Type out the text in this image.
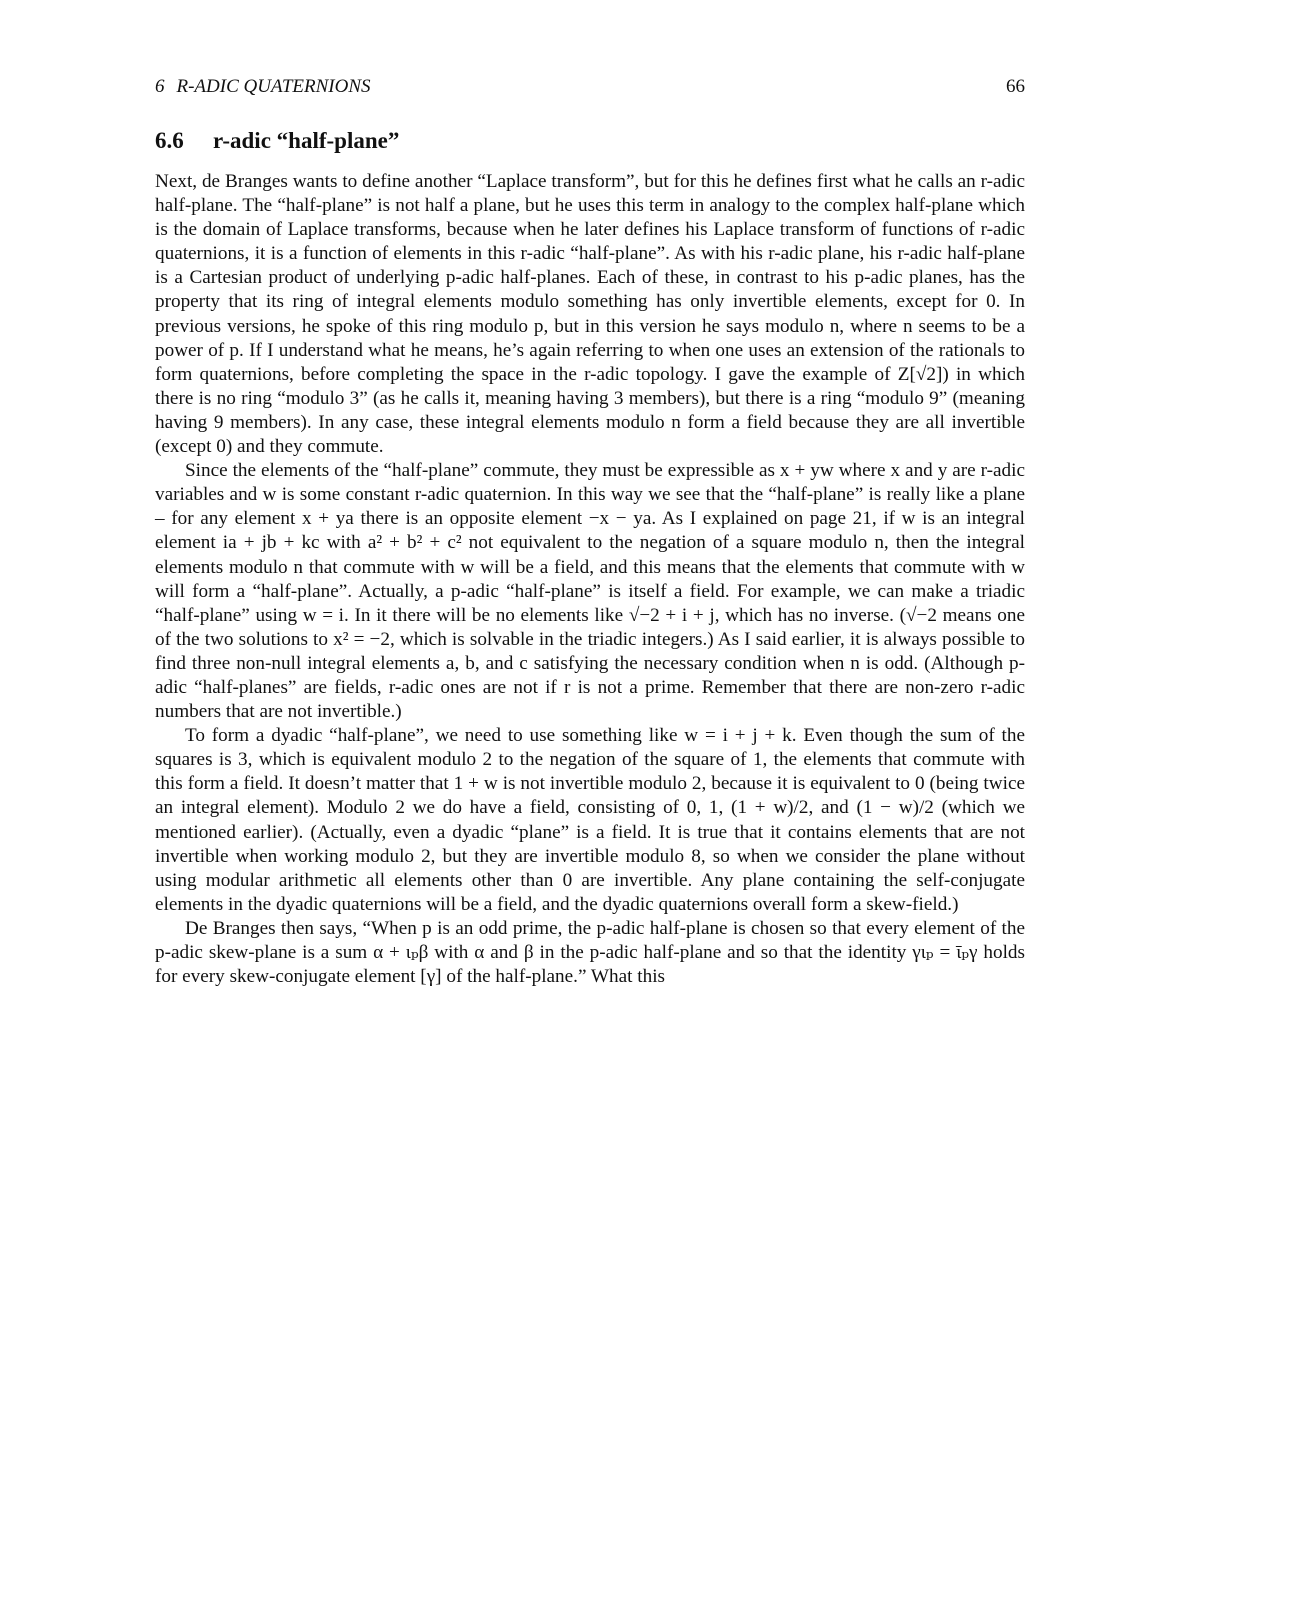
6 R-ADIC QUATERNIONS	66
6.6 r-adic “half-plane”

Next, de Branges wants to define another “Laplace transform”, but for this he defines first what he calls an r-adic half-plane. The “half-plane” is not half a plane, but he uses this term in analogy to the complex half-plane which is the domain of Laplace transforms, because when he later defines his Laplace transform of functions of r-adic quaternions, it is a function of elements in this r-adic “half-plane”. As with his r-adic plane, his r-adic half-plane is a Cartesian product of underlying p-adic half-planes. Each of these, in contrast to his p-adic planes, has the property that its ring of integral elements modulo something has only invertible elements, except for 0. In previous versions, he spoke of this ring modulo p, but in this version he says modulo n, where n seems to be a power of p. If I understand what he means, he’s again referring to when one uses an extension of the rationals to form quaternions, before completing the space in the r-adic topology. I gave the example of Z[√2]) in which there is no ring “modulo 3” (as he calls it, meaning having 3 members), but there is a ring “modulo 9” (meaning having 9 members). In any case, these integral elements modulo n form a field because they are all invertible (except 0) and they commute.

Since the elements of the “half-plane” commute, they must be expressible as x + yw where x and y are r-adic variables and w is some constant r-adic quaternion. In this way we see that the “half-plane” is really like a plane – for any element x + ya there is an opposite element −x − ya. As I explained on page 21, if w is an integral element ia + jb + kc with a² + b² + c² not equivalent to the negation of a square modulo n, then the integral elements modulo n that commute with w will be a field, and this means that the elements that commute with w will form a “half-plane”. Actually, a p-adic “half-plane” is itself a field. For example, we can make a triadic “half-plane” using w = i. In it there will be no elements like √−2 + i + j, which has no inverse. (√−2 means one of the two solutions to x² = −2, which is solvable in the triadic integers.) As I said earlier, it is always possible to find three non-null integral elements a, b, and c satisfying the necessary condition when n is odd. (Although p-adic “half-planes” are fields, r-adic ones are not if r is not a prime. Remember that there are non-zero r-adic numbers that are not invertible.)

To form a dyadic “half-plane”, we need to use something like w = i + j + k. Even though the sum of the squares is 3, which is equivalent modulo 2 to the negation of the square of 1, the elements that commute with this form a field. It doesn’t matter that 1 + w is not invertible modulo 2, because it is equivalent to 0 (being twice an integral element). Modulo 2 we do have a field, consisting of 0, 1, (1 + w)/2, and (1 − w)/2 (which we mentioned earlier). (Actually, even a dyadic “plane” is a field. It is true that it contains elements that are not invertible when working modulo 2, but they are invertible modulo 8, so when we consider the plane without using modular arithmetic all elements other than 0 are invertible. Any plane containing the self-conjugate elements in the dyadic quaternions will be a field, and the dyadic quaternions overall form a skew-field.)

De Branges then says, “When p is an odd prime, the p-adic half-plane is chosen so that every element of the p-adic skew-plane is a sum α + ιₚβ with α and β in the p-adic half-plane and so that the identity γιₚ = ῑₚγ holds for every skew-conjugate element [γ] of the half-plane.” What this
